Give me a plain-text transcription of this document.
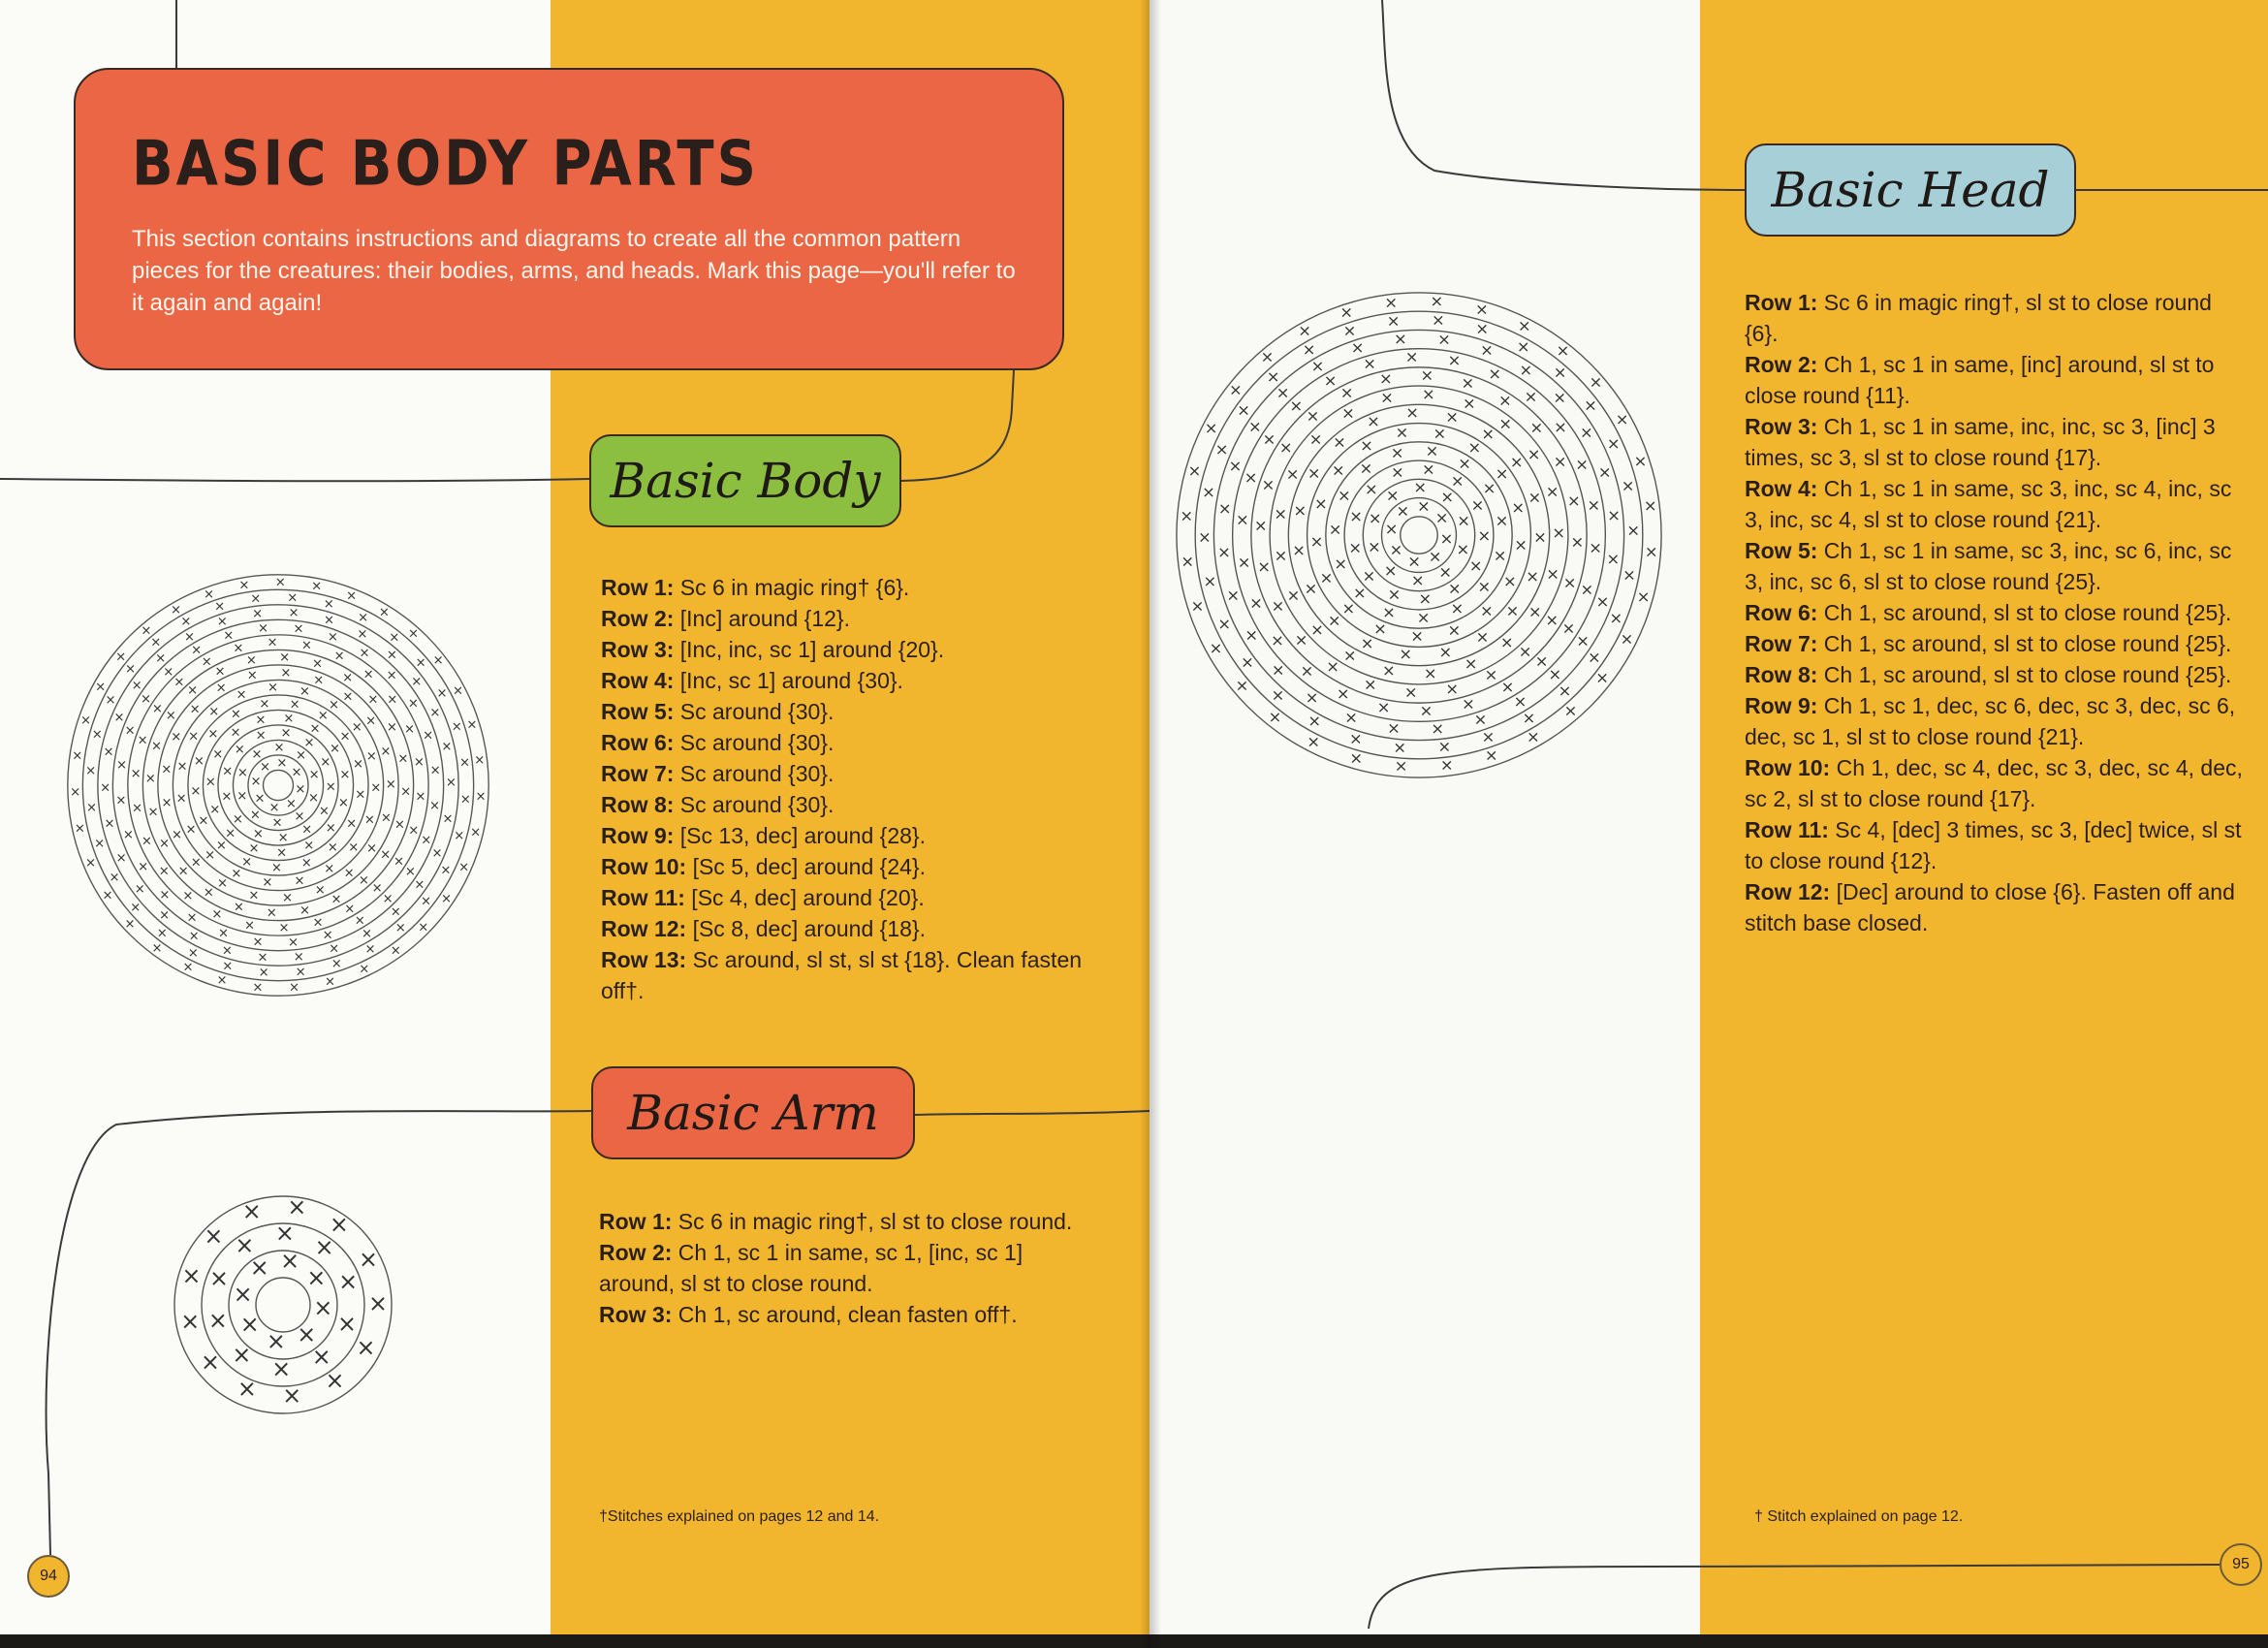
BASIC BODY PARTS

This section contains instructions and diagrams to create all the common pattern pieces for the creatures: their bodies, arms, and heads. Mark this page—you'll refer to it again and again!

Basic Body
Row 1: Sc 6 in magic ring† {6}.
Row 2: [Inc] around {12}.
Row 3: [Inc, inc, sc 1] around {20}.
Row 4: [Inc, sc 1] around {30}.
Row 5: Sc around {30}.
Row 6: Sc around {30}.
Row 7: Sc around {30}.
Row 8: Sc around {30}.
Row 9: [Sc 13, dec] around {28}.
Row 10: [Sc 5, dec] around {24}.
Row 11: [Sc 4, dec] around {20}.
Row 12: [Sc 8, dec] around {18}.
Row 13: Sc around, sl st, sl st {18}. Clean fasten off†.
Basic Arm
Row 1: Sc 6 in magic ring†, sl st to close round.
Row 2: Ch 1, sc 1 in same, sc 1, [inc, sc 1] around, sl st to close round.
Row 3: Ch 1, sc around, clean fasten off†.
Basic Head
Row 1: Sc 6 in magic ring†, sl st to close round {6}.
Row 2: Ch 1, sc 1 in same, [inc] around, sl st to close round {11}.
Row 3: Ch 1, sc 1 in same, inc, inc, sc 3, [inc] 3 times, sc 3, sl st to close round {17}.
Row 4: Ch 1, sc 1 in same, sc 3, inc, sc 4, inc, sc 3, inc, sc 4, sl st to close round {21}.
Row 5: Ch 1, sc 1 in same, sc 3, inc, sc 6, inc, sc 3, inc, sc 6, sl st to close round {25}.
Row 6: Ch 1, sc around, sl st to close round {25}.
Row 7: Ch 1, sc around, sl st to close round {25}.
Row 8: Ch 1, sc around, sl st to close round {25}.
Row 9: Ch 1, sc 1, dec, sc 6, dec, sc 3, dec, sc 6, dec, sc 1, sl st to close round {21}.
Row 10: Ch 1, dec, sc 4, dec, sc 3, dec, sc 4, dec, sc 2, sl st to close round {17}.
Row 11: Sc 4, [dec] 3 times, sc 3, [dec] twice, sl st to close round {12}.
Row 12: [Dec] around to close {6}. Fasten off and stitch base closed.
×
×
×
×
×
× ×
×
×
×
×
×
×
×
× ×
×
×
×
×
×
×
×
×
×
×
× ×
×
×
×
×
×
×
×
×
×
×
×
×
× ×
×
×
×
×
×
×
×
×
×
×
×
×
×
×
× ×
×
×
×
×
×
×
×
×
×
×
×
×
×
×
×
× × ×
×
×
×
×
×
×
×
×
×
×
×
×
×
×
×
×
×
× × ×
×
×
×
×
×
×
×
×
×
×
×
×
×
×
×
×
×
×
×
× × ×
×
×
×
×
×
×
×
×
×
×
×
×
×
×
×
×
×
×
×
×
×
× × ×
×
×
×
×
×
×
×
×
×
×
×
×
×
×
×
×
×
×
×
×
×
×
×
×
× ×
×
×
×
×
×
×
×
×
×
×
×
×
×
×
×
×
×
×
×
×
×
×
×
×
×
×
× × ×
×
×
×
×
×
×
×
×
×
×
×
×
×
×
×
×
×
×
×
×
×
×
×
×
×
×
×
× × ×
×
×
×
×
×
×
×
×
×
×
×
×
×
×
×
×
×
×
×
×
×
×
×
×
×
×
×
×
×
× × ×
×
×
×
×
×
×
×
×
×
×
×
×
×
×
×
×
×
×
×
×
×
×
×
×
× ×
×
×
×
×
×
×
×
× ×
×
×
×
×
×
×
×
×
×
×
× ×
×
×
×
×
×
×
×
×
×
×
×
×
× ×
×
×
×
×
×
×
×
×
×
×
×
×
×
×
× ×
×
×
×
×
×
×
×
×
×
×
×
×
×
×
×
× × ×
×
×
×
×
×
×
×
×
×
×
×
×
×
×
×
×
×
× × ×
×
×
×
×
×
×
×
×
×
×
×
×
×
×
×
×
×
×
×
× × ×
×
×
×
×
×
×
×
×
×
×
×
×
×
×
×
×
×
×
×
×
×
× × ×
×
×
×
×
×
×
×
×
×
×
×
×
×
×
×
×
×
×
×
×
×
×
×
× × ×
×
×
×
×
×
×
×
×
×
×
×
×
×
×
×
×
×
×
×
×
×
×
×
×
×
×
× × ×
×
×
×
×
×
×
×
×
×
×
×
×
×
×
×
×
×
×
×
×
×
×
×
×
×
×
×
× × ×
×
×
×
×
×
×
×
×
×
×
×
×
×
×
×
×
×
×
×
×
×
× ×
×
×
×
×
×
×
×
× ×
×
×
×
×
×
×
×
×
×
×
× ×
×
×
×

†Stitches explained on pages 12 and 14.	† Stitch explained on page 12.

94
95
